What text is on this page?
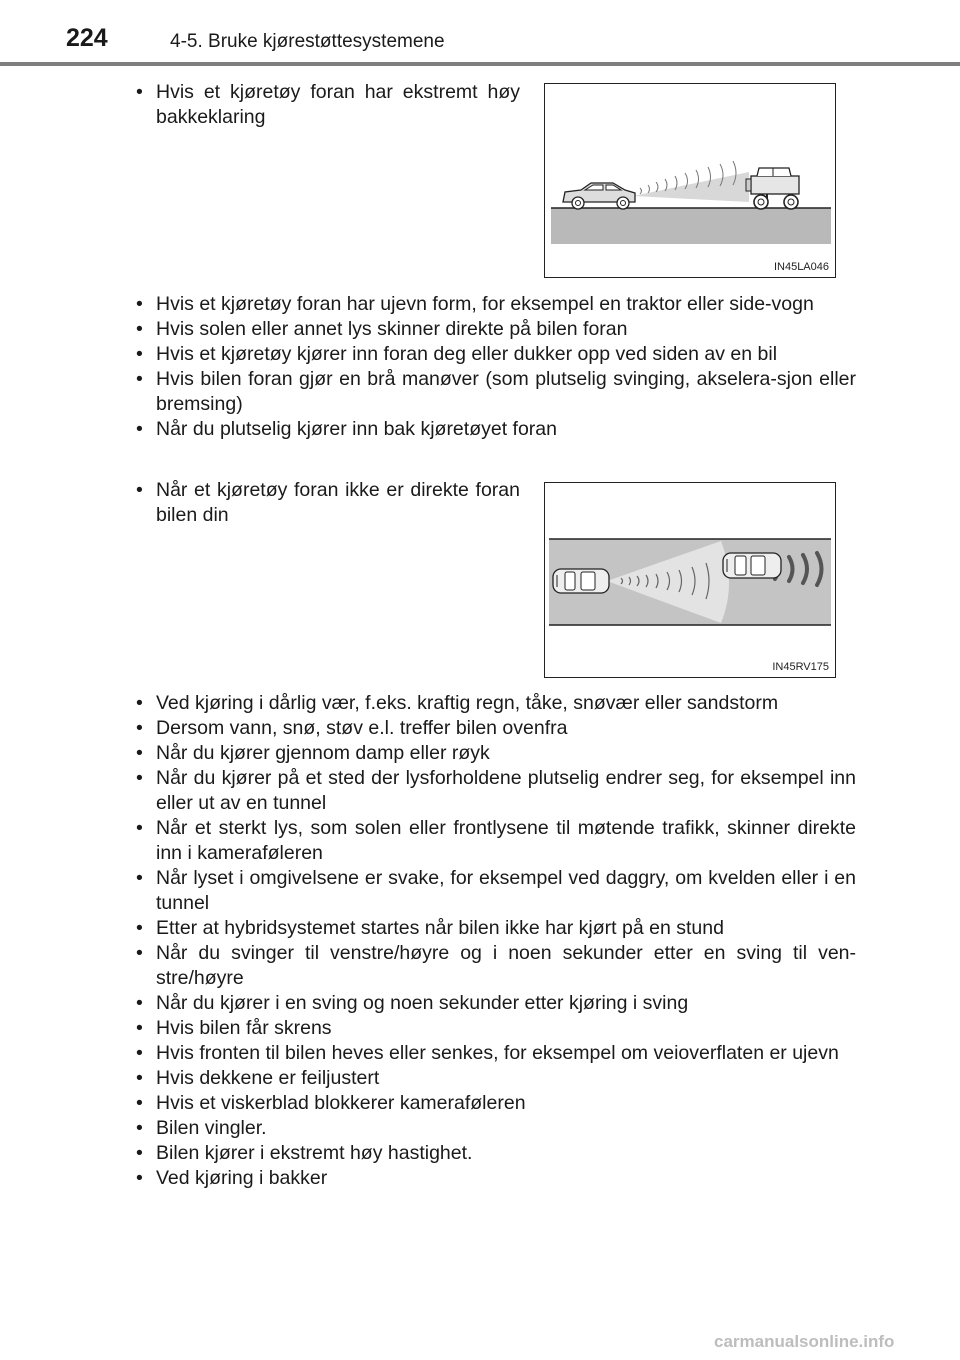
224	4-5. Bruke kjørestøttesystemene
• Hvis et kjøretøy foran har ekstremt høy bakkeklaring
IN45LA046
• Hvis et kjøretøy foran har ujevn form, for eksempel en traktor eller side-vogn
• Hvis solen eller annet lys skinner direkte på bilen foran
• Hvis et kjøretøy kjører inn foran deg eller dukker opp ved siden av en bil
• Hvis bilen foran gjør en brå manøver (som plutselig svinging, akselera-sjon eller bremsing)
• Når du plutselig kjører inn bak kjøretøyet foran
• Når et kjøretøy foran ikke er direkte foran bilen din
IN45RV175
• Ved kjøring i dårlig vær, f.eks. kraftig regn, tåke, snøvær eller sandstorm
• Dersom vann, snø, støv e.l. treffer bilen ovenfra
• Når du kjører gjennom damp eller røyk
• Når du kjører på et sted der lysforholdene plutselig endrer seg, for eksempel inn eller ut av en tunnel
• Når et sterkt lys, som solen eller frontlysene til møtende trafikk, skinner direkte inn i kameraføleren
• Når lyset i omgivelsene er svake, for eksempel ved daggry, om kvelden eller i en tunnel
• Etter at hybridsystemet startes når bilen ikke har kjørt på en stund
• Når du svinger til venstre/høyre og i noen sekunder etter en sving til ven-stre/høyre
• Når du kjører i en sving og noen sekunder etter kjøring i sving
• Hvis bilen får skrens
• Hvis fronten til bilen heves eller senkes, for eksempel om veioverflaten er ujevn
• Hvis dekkene er feiljustert
• Hvis et viskerblad blokkerer kameraføleren
• Bilen vingler.
• Bilen kjører i ekstremt høy hastighet.
• Ved kjøring i bakker
carmanualsonline.info
